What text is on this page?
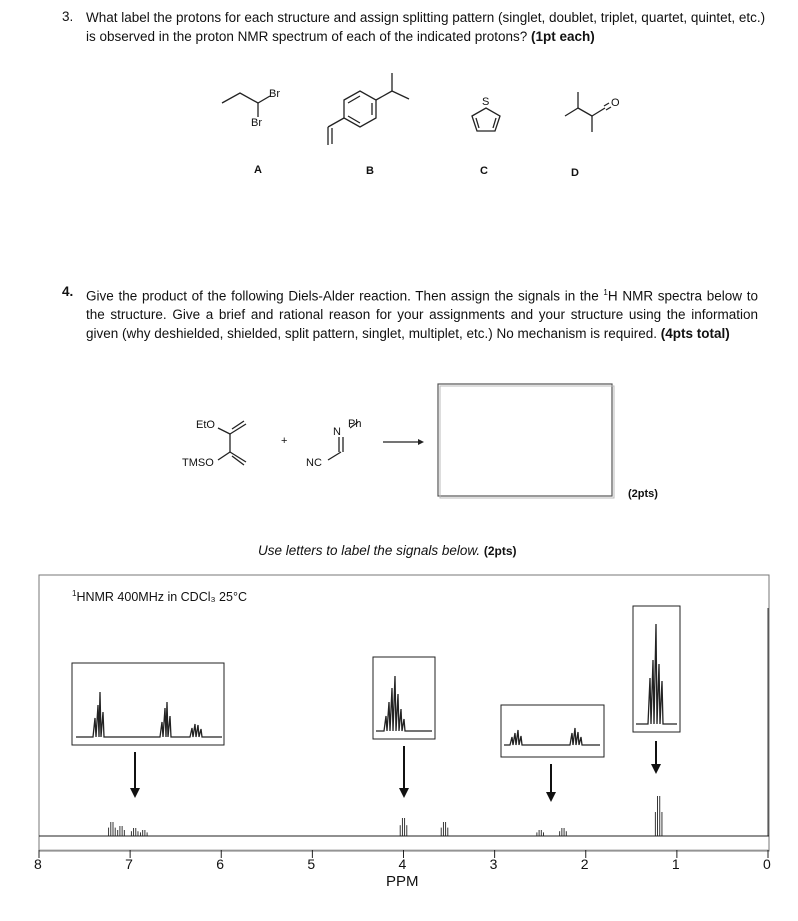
3. What label the protons for each structure and assign splitting pattern (singlet, doublet, triplet, quartet, quintet, etc.) is observed in the proton NMR spectrum of each of the indicated protons? (1pt each)
Br
Br
S	O
A	B	C	D
4. Give the product of the following Diels-Alder reaction. Then assign the signals in the $^1$H NMR spectra below to the structure. Give a brief and rational reason for your assignments and your structure using the information given (why deshielded, shielded, split pattern, singlet, multiplet, etc.) No mechanism is required. (4pts total)
EtO
TMSO
+
Ph
N
NC
(2pts)
Use letters to label the signals below. (2pts)
$^1$HNMR 400MHz in CDCl₃ 25°C
8	7	6	5	4	3	2	1	0
PPM
